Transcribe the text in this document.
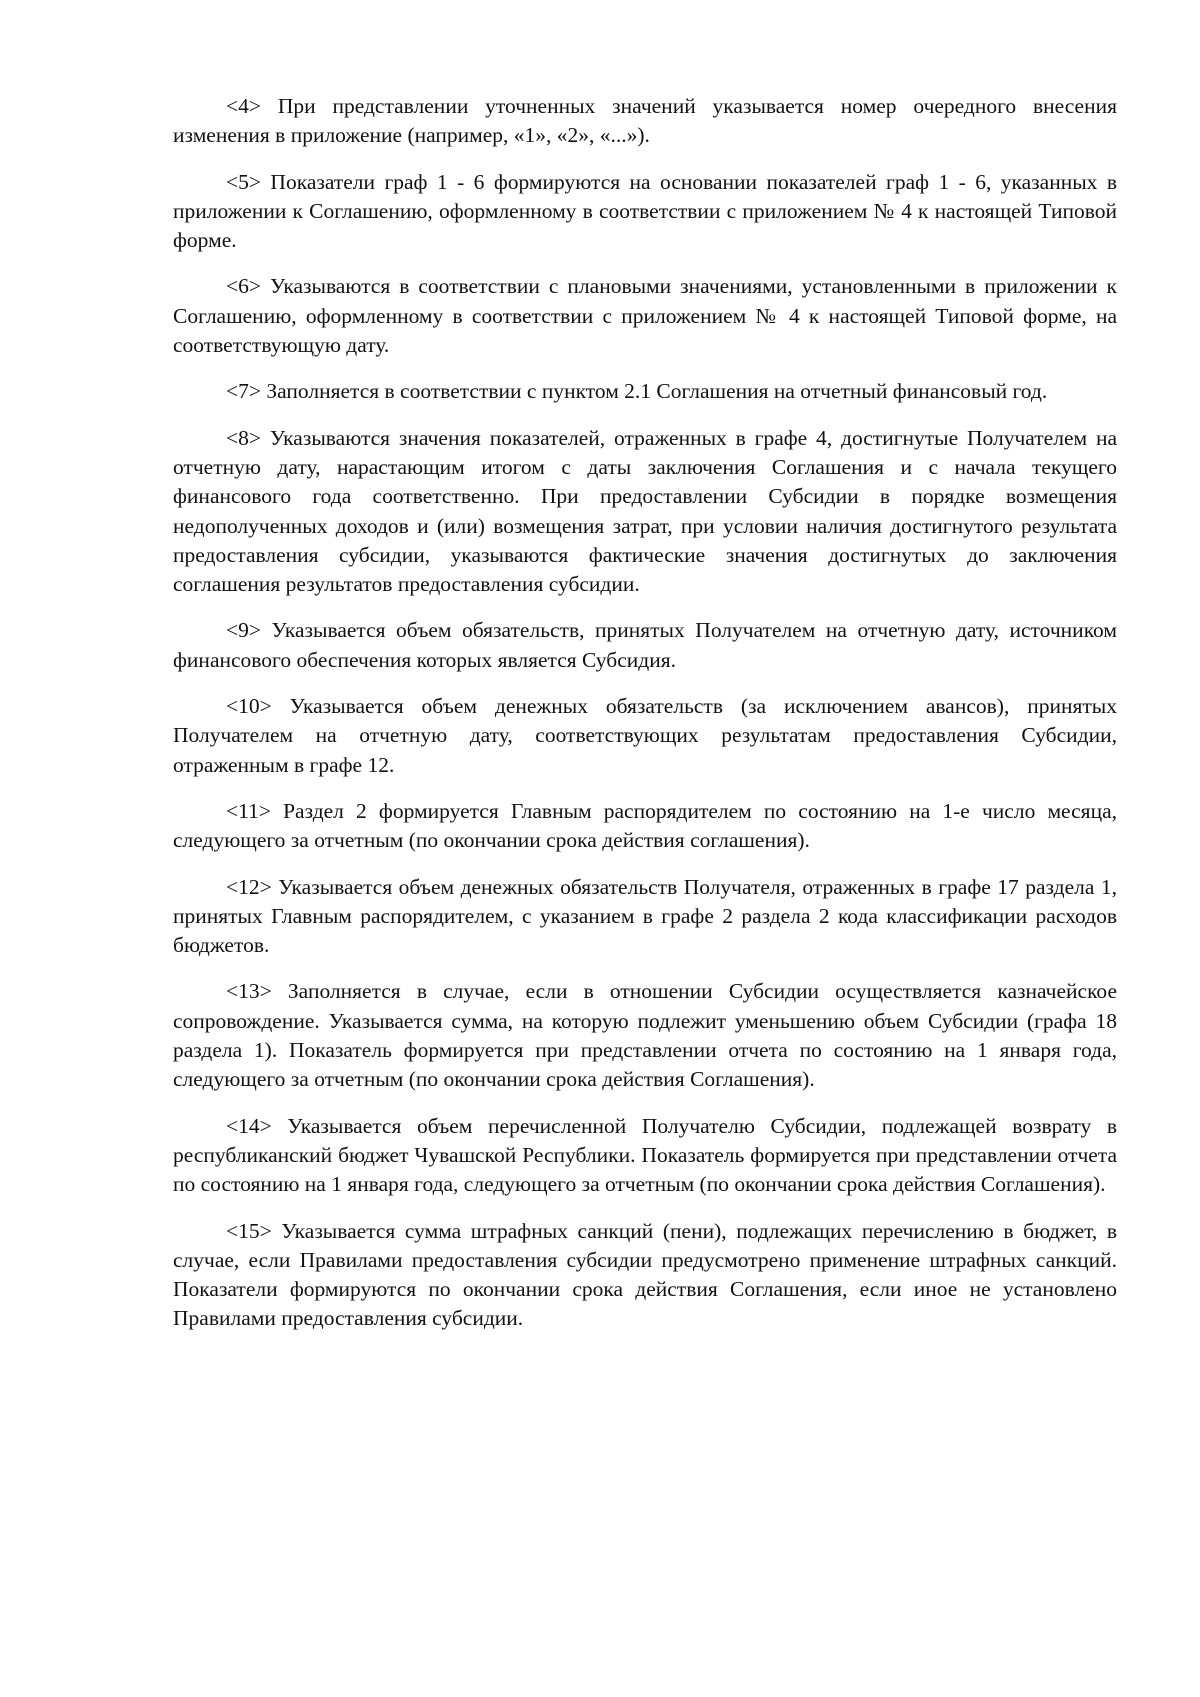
<4> При представлении уточненных значений указывается номер очередного внесения изменения в приложение (например, «1», «2», «...»).

<5> Показатели граф 1 - 6 формируются на основании показателей граф 1 - 6, указанных в приложении к Соглашению, оформленному в соответствии с приложением № 4 к настоящей Типовой форме.

<6> Указываются в соответствии с плановыми значениями, установленными в приложении к Соглашению, оформленному в соответствии с приложением № 4 к настоящей Типовой форме, на соответствующую дату.

<7> Заполняется в соответствии с пунктом 2.1 Соглашения на отчетный финансовый год.

<8> Указываются значения показателей, отраженных в графе 4, достигнутые Получателем на отчетную дату, нарастающим итогом с даты заключения Соглашения и с начала текущего финансового года соответственно. При предоставлении Субсидии в порядке возмещения недополученных доходов и (или) возмещения затрат, при условии наличия достигнутого результата предоставления субсидии, указываются фактические значения достигнутых до заключения соглашения результатов предоставления субсидии.

<9> Указывается объем обязательств, принятых Получателем на отчетную дату, источником финансового обеспечения которых является Субсидия.

<10> Указывается объем денежных обязательств (за исключением авансов), принятых Получателем на отчетную дату, соответствующих результатам предоставления Субсидии, отраженным в графе 12.

<11> Раздел 2 формируется Главным распорядителем по состоянию на 1-е число месяца, следующего за отчетным (по окончании срока действия соглашения).

<12> Указывается объем денежных обязательств Получателя, отраженных в графе 17 раздела 1, принятых Главным распорядителем, с указанием в графе 2 раздела 2 кода классификации расходов бюджетов.

<13> Заполняется в случае, если в отношении Субсидии осуществляется казначейское сопровождение. Указывается сумма, на которую подлежит уменьшению объем Субсидии (графа 18 раздела 1). Показатель формируется при представлении отчета по состоянию на 1 января года, следующего за отчетным (по окончании срока действия Соглашения).

<14> Указывается объем перечисленной Получателю Субсидии, подлежащей возврату в республиканский бюджет Чувашской Республики. Показатель формируется при представлении отчета по состоянию на 1 января года, следующего за отчетным (по окончании срока действия Соглашения).

<15> Указывается сумма штрафных санкций (пени), подлежащих перечислению в бюджет, в случае, если Правилами предоставления субсидии предусмотрено применение штрафных санкций. Показатели формируются по окончании срока действия Соглашения, если иное не установлено Правилами предоставления субсидии.
